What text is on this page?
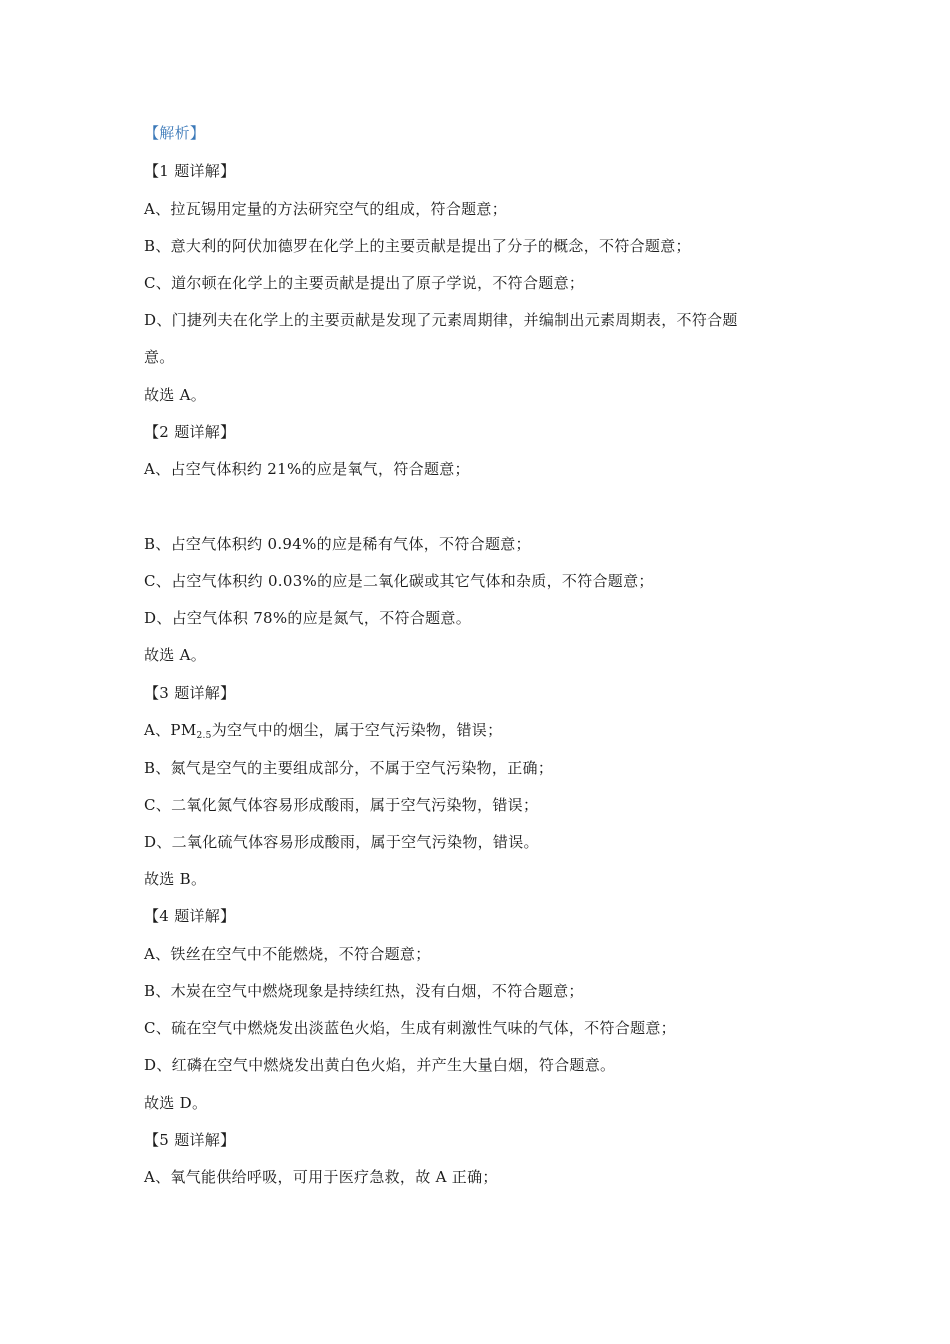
【解析】
【1 题详解】
A、拉瓦锡用定量的方法研究空气的组成，符合题意；
B、意大利的阿伏加德罗在化学上的主要贡献是提出了分子的概念，不符合题意；
C、道尔顿在化学上的主要贡献是提出了原子学说，不符合题意；
D、门捷列夫在化学上的主要贡献是发现了元素周期律，并编制出元素周期表，不符合题
意。
故选 A。
【2 题详解】
A、占空气体积约 21%的应是氧气，符合题意；
B、占空气体积约 0.94%的应是稀有气体，不符合题意；
C、占空气体积约 0.03%的应是二氧化碳或其它气体和杂质，不符合题意；
D、占空气体积 78%的应是氮气，不符合题意。
故选 A。
【3 题详解】
A、$PM_{2.5}$为空气中的烟尘，属于空气污染物，错误；
B、氮气是空气的主要组成部分，不属于空气污染物，正确；
C、二氧化氮气体容易形成酸雨，属于空气污染物，错误；
D、二氧化硫气体容易形成酸雨，属于空气污染物，错误。
故选 B。
【4 题详解】
A、铁丝在空气中不能燃烧，不符合题意；
B、木炭在空气中燃烧现象是持续红热，没有白烟，不符合题意；
C、硫在空气中燃烧发出淡蓝色火焰，生成有刺激性气味的气体，不符合题意；
D、红磷在空气中燃烧发出黄白色火焰，并产生大量白烟，符合题意。
故选 D。
【5 题详解】
A、氧气能供给呼吸，可用于医疗急救，故 A 正确；
